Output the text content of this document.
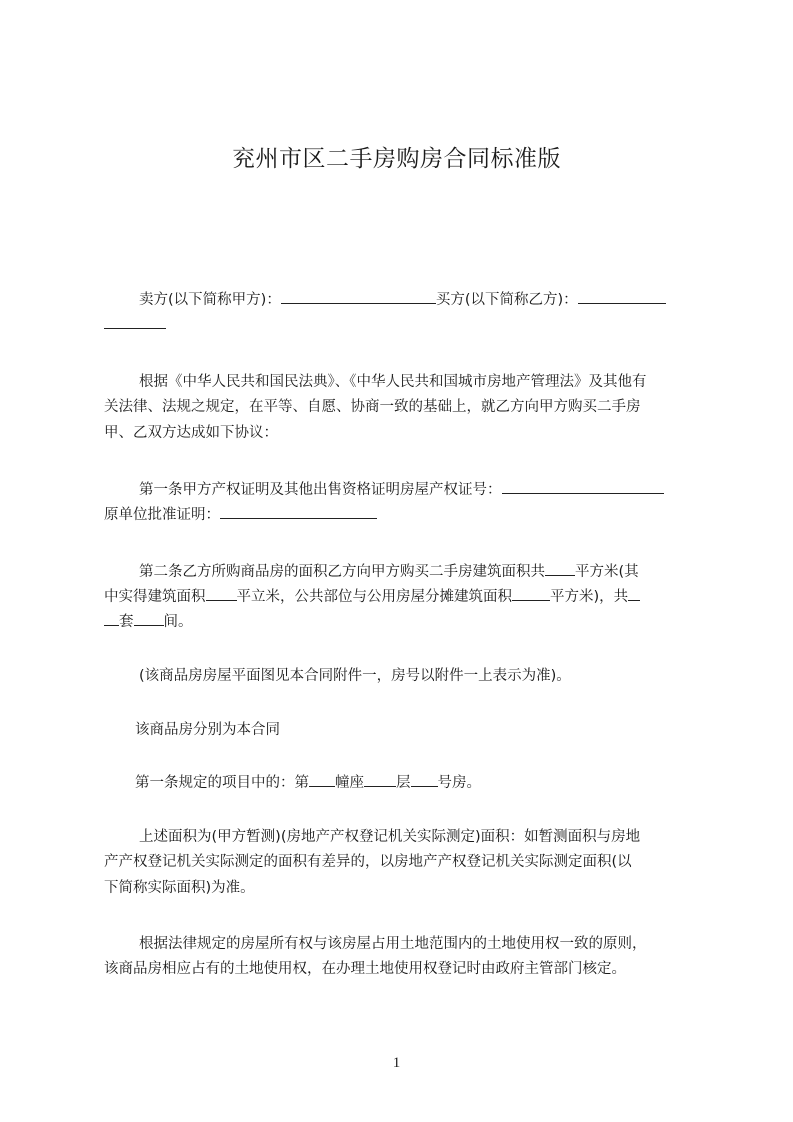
兖州市区二手房购房合同标准版
卖方(以下简称甲方)：	买方(以下简称乙方)：
根据《中华人民共和国民法典》、《中华人民共和国城市房地产管理法》及其他有
关法律、法规之规定，在平等、自愿、协商一致的基础上，就乙方向甲方购买二手房
甲、乙双方达成如下协议：
第一条甲方产权证明及其他出售资格证明房屋产权证号：
原单位批准证明：
第二条乙方所购商品房的面积乙方向甲方购买二手房建筑面积共 平方米(其
中实得建筑面积 平立米，公共部位与公用房屋分摊建筑面积	平方米)，共
套 间。
(该商品房房屋平面图见本合同附件一，房号以附件一上表示为准)。
该商品房分别为本合同
第一条规定的项目中的：第 幢座 层 号房。
上述面积为(甲方暂测)(房地产产权登记机关实际测定)面积：如暂测面积与房地
产产权登记机关实际测定的面积有差异的，以房地产产权登记机关实际测定面积(以
下简称实际面积)为准。
根据法律规定的房屋所有权与该房屋占用土地范围内的土地使用权一致的原则，
该商品房相应占有的土地使用权，在办理土地使用权登记时由政府主管部门核定。
1
